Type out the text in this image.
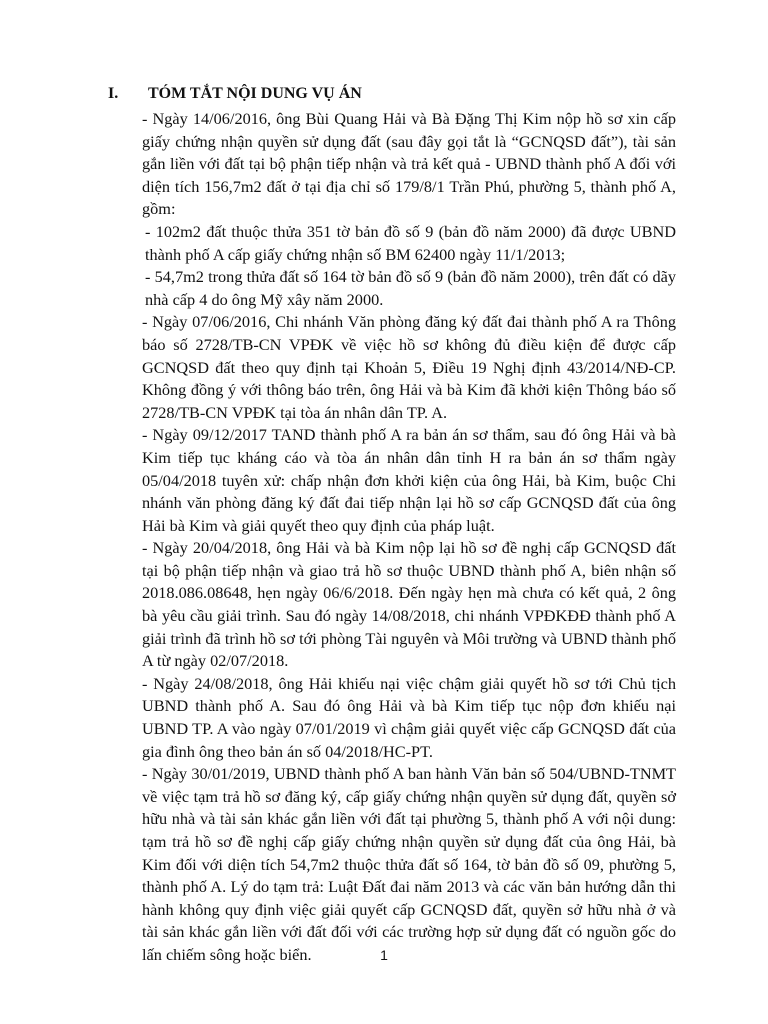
I. TÓM TẮT NỘI DUNG VỤ ÁN

- Ngày 14/06/2016, ông Bùi Quang Hải và Bà Đặng Thị Kim nộp hồ sơ xin cấp giấy chứng nhận quyền sử dụng đất (sau đây gọi tắt là “GCNQSD đất”), tài sản gắn liền với đất tại bộ phận tiếp nhận và trả kết quả - UBND thành phố A đối với diện tích 156,7m2 đất ở tại địa chỉ số 179/8/1 Trần Phú, phường 5, thành phố A, gồm:

- 102m2 đất thuộc thửa 351 tờ bản đồ số 9 (bản đồ năm 2000) đã được UBND thành phố A cấp giấy chứng nhận số BM 62400 ngày 11/1/2013;

- 54,7m2 trong thửa đất số 164 tờ bản đồ số 9 (bản đồ năm 2000), trên đất có dãy nhà cấp 4 do ông Mỹ xây năm 2000.

- Ngày 07/06/2016, Chi nhánh Văn phòng đăng ký đất đai thành phố A ra Thông báo số 2728/TB-CN VPĐK về việc hồ sơ không đủ điều kiện để được cấp GCNQSD đất theo quy định tại Khoản 5, Điều 19 Nghị định 43/2014/NĐ-CP. Không đồng ý với thông báo trên, ông Hải và bà Kim đã khởi kiện Thông báo số 2728/TB-CN VPĐK tại tòa án nhân dân TP. A.

- Ngày 09/12/2017 TAND thành phố A ra bản án sơ thẩm, sau đó ông Hải và bà Kim tiếp tục kháng cáo và tòa án nhân dân tỉnh H ra bản án sơ thẩm ngày 05/04/2018 tuyên xử: chấp nhận đơn khởi kiện của ông Hải, bà Kim, buộc Chi nhánh văn phòng đăng ký đất đai tiếp nhận lại hồ sơ cấp GCNQSD đất của ông Hải bà Kim và giải quyết theo quy định của pháp luật.

- Ngày 20/04/2018, ông Hải và bà Kim nộp lại hồ sơ đề nghị cấp GCNQSD đất tại bộ phận tiếp nhận và giao trả hồ sơ thuộc UBND thành phố A, biên nhận số 2018.086.08648, hẹn ngày 06/6/2018. Đến ngày hẹn mà chưa có kết quả, 2 ông bà yêu cầu giải trình. Sau đó ngày 14/08/2018, chi nhánh VPĐKĐĐ thành phố A giải trình đã trình hồ sơ tới phòng Tài nguyên và Môi trường và UBND thành phố A từ ngày 02/07/2018.

- Ngày 24/08/2018, ông Hải khiếu nại việc chậm giải quyết hồ sơ tới Chủ tịch UBND thành phố A. Sau đó ông Hải và bà Kim tiếp tục nộp đơn khiếu nại UBND TP. A vào ngày 07/01/2019 vì chậm giải quyết việc cấp GCNQSD đất của gia đình ông theo bản án số 04/2018/HC-PT.

- Ngày 30/01/2019, UBND thành phố A ban hành Văn bản số 504/UBND-TNMT về việc tạm trả hồ sơ đăng ký, cấp giấy chứng nhận quyền sử dụng đất, quyền sở hữu nhà và tài sản khác gắn liền với đất tại phường 5, thành phố A với nội dung: tạm trả hồ sơ đề nghị cấp giấy chứng nhận quyền sử dụng đất của ông Hải, bà Kim đối với diện tích 54,7m2 thuộc thửa đất số 164, tờ bản đồ số 09, phường 5, thành phố A. Lý do tạm trả: Luật Đất đai năm 2013 và các văn bản hướng dẫn thi hành không quy định việc giải quyết cấp GCNQSD đất, quyền sở hữu nhà ở và tài sản khác gắn liền với đất đối với các trường hợp sử dụng đất có nguồn gốc do lấn chiếm sông hoặc biển.	1
